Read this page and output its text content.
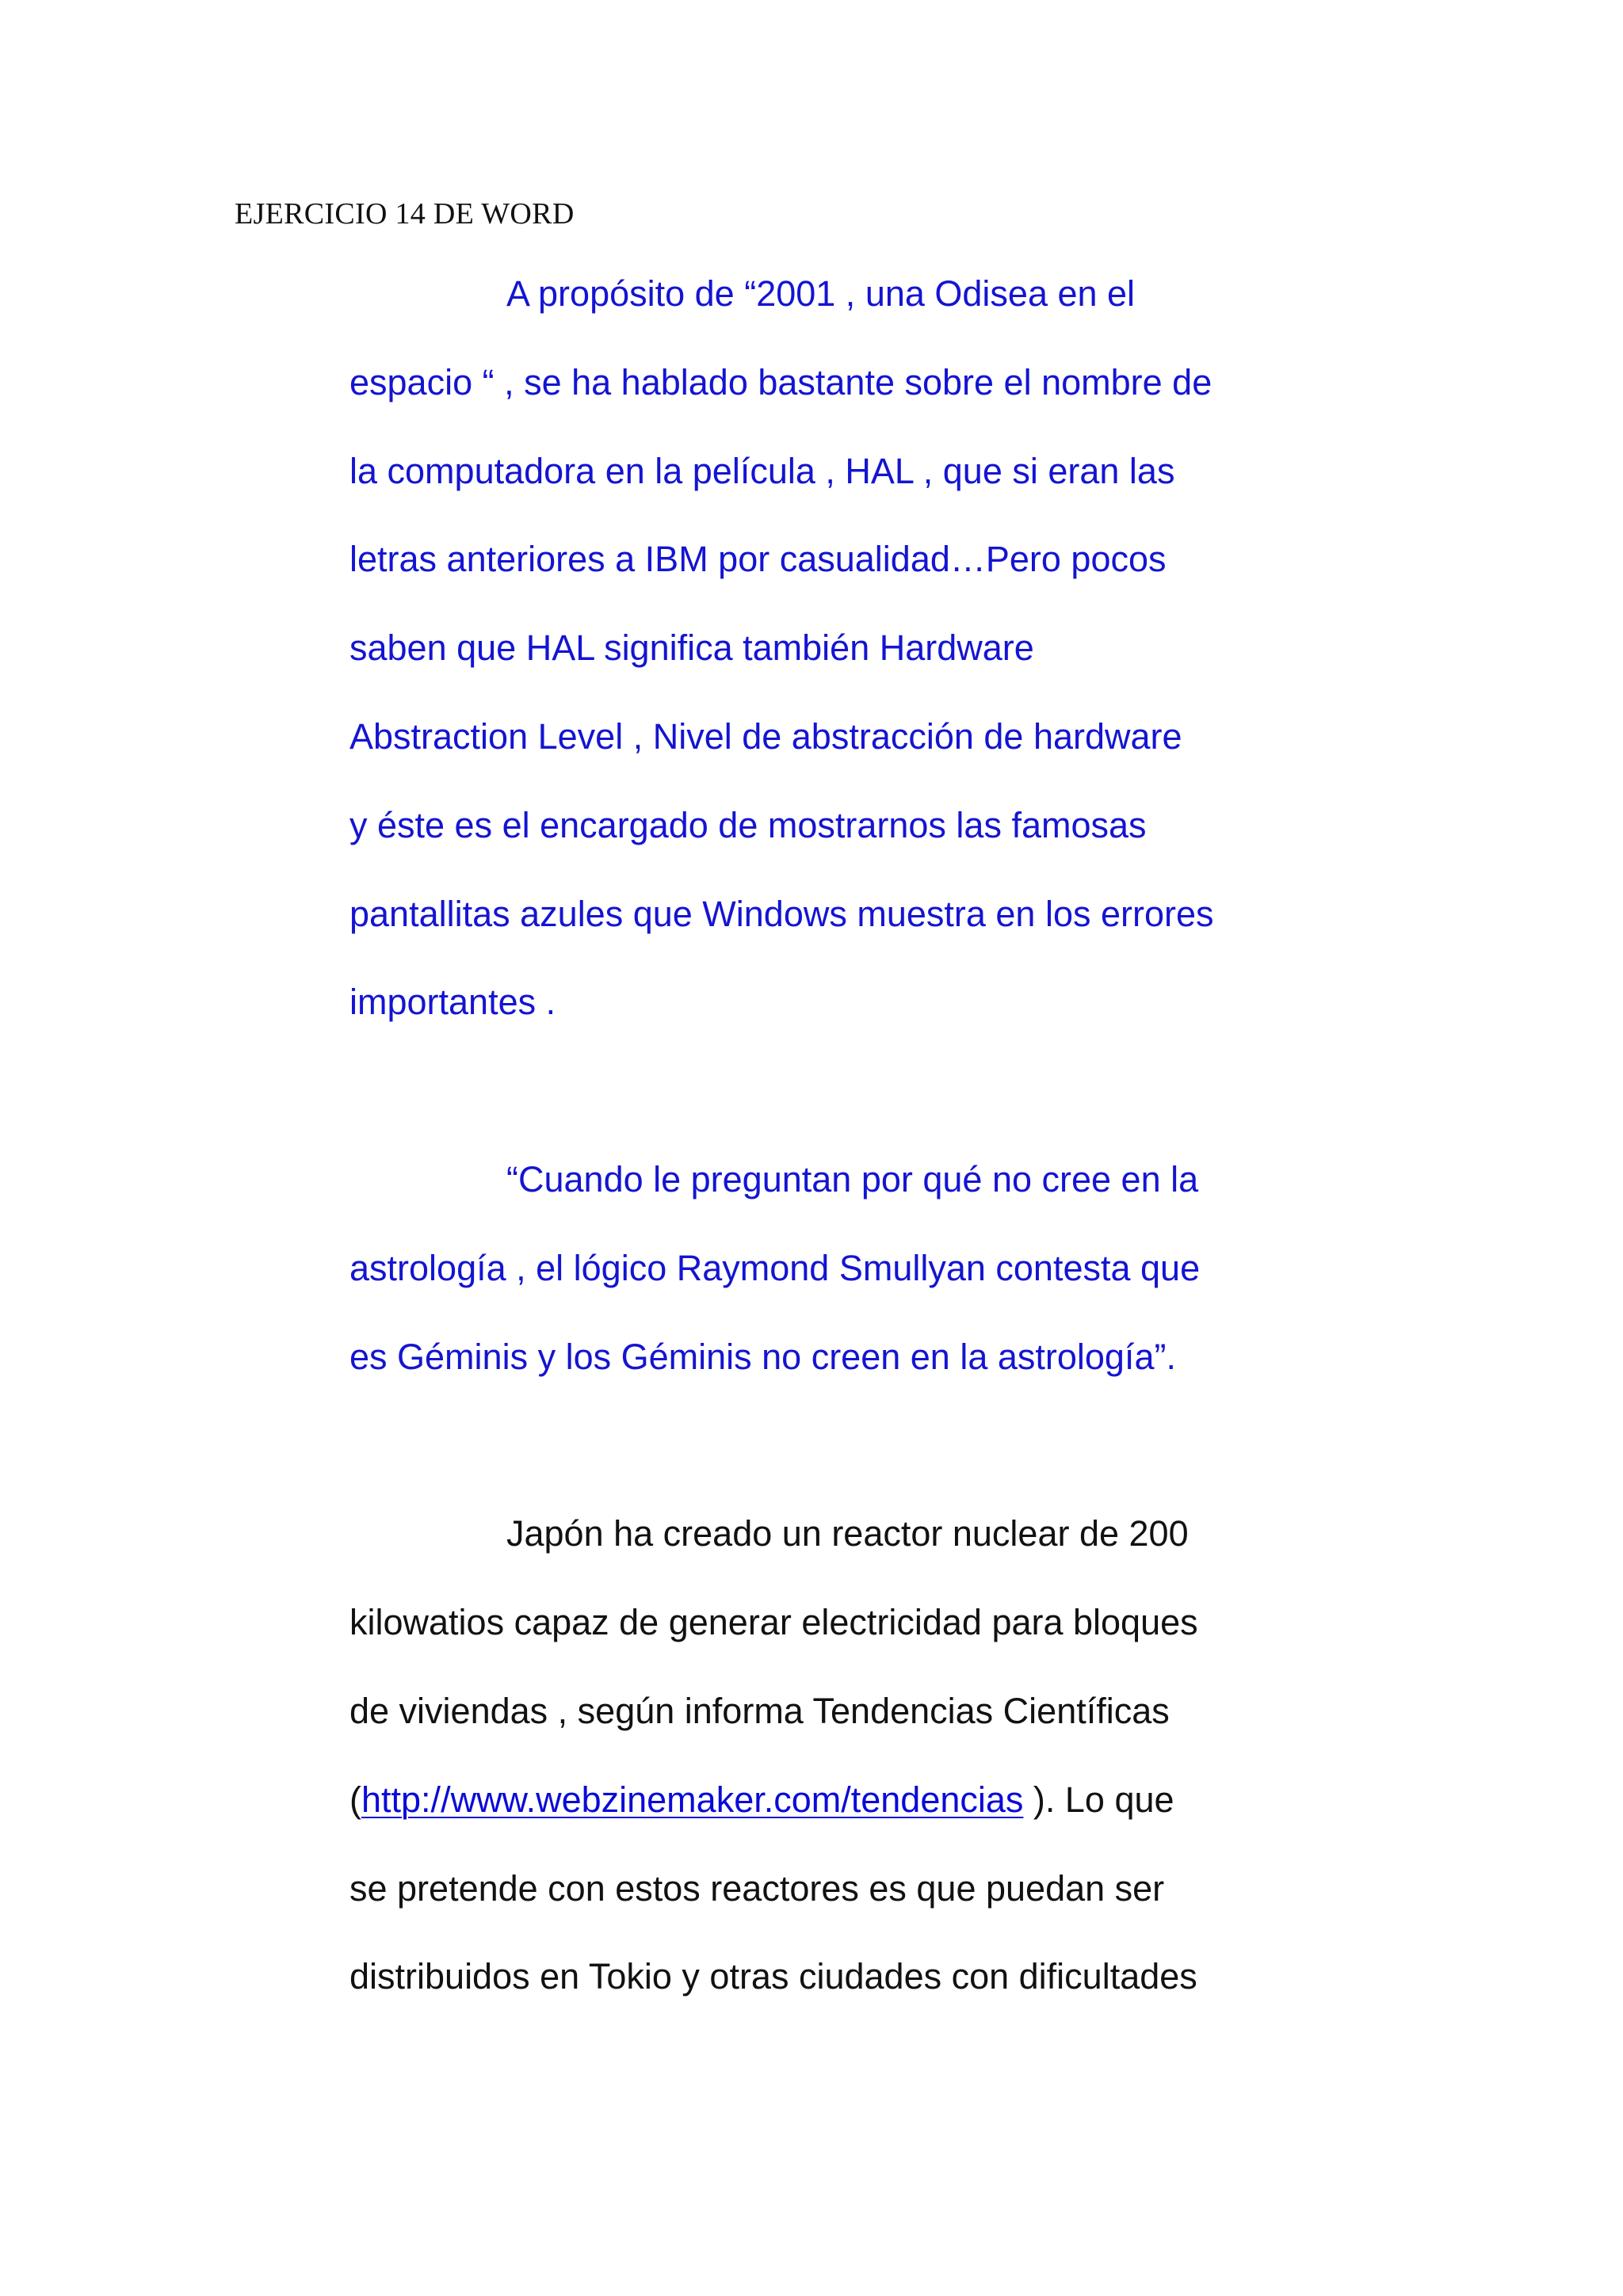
EJERCICIO 14 DE WORD
A propósito de “2001 , una Odisea en el
espacio “ , se ha hablado bastante sobre el nombre de
la computadora en la película , HAL , que si eran las
letras anteriores a IBM por casualidad…Pero pocos
saben que HAL significa también Hardware
Abstraction Level , Nivel de abstracción de hardware
y éste es el encargado de mostrarnos las famosas
pantallitas azules que Windows muestra en los errores
importantes .
“Cuando le preguntan por qué no cree en la
astrología , el lógico Raymond Smullyan contesta que
es Géminis y los Géminis no creen en la astrología”.
Japón ha creado un reactor nuclear de 200
kilowatios capaz de generar electricidad para bloques
de viviendas , según informa Tendencias Científicas
(http://www.webzinemaker.com/tendencias ). Lo que
se pretende con estos reactores es que puedan ser
distribuidos en Tokio y otras ciudades con dificultades
